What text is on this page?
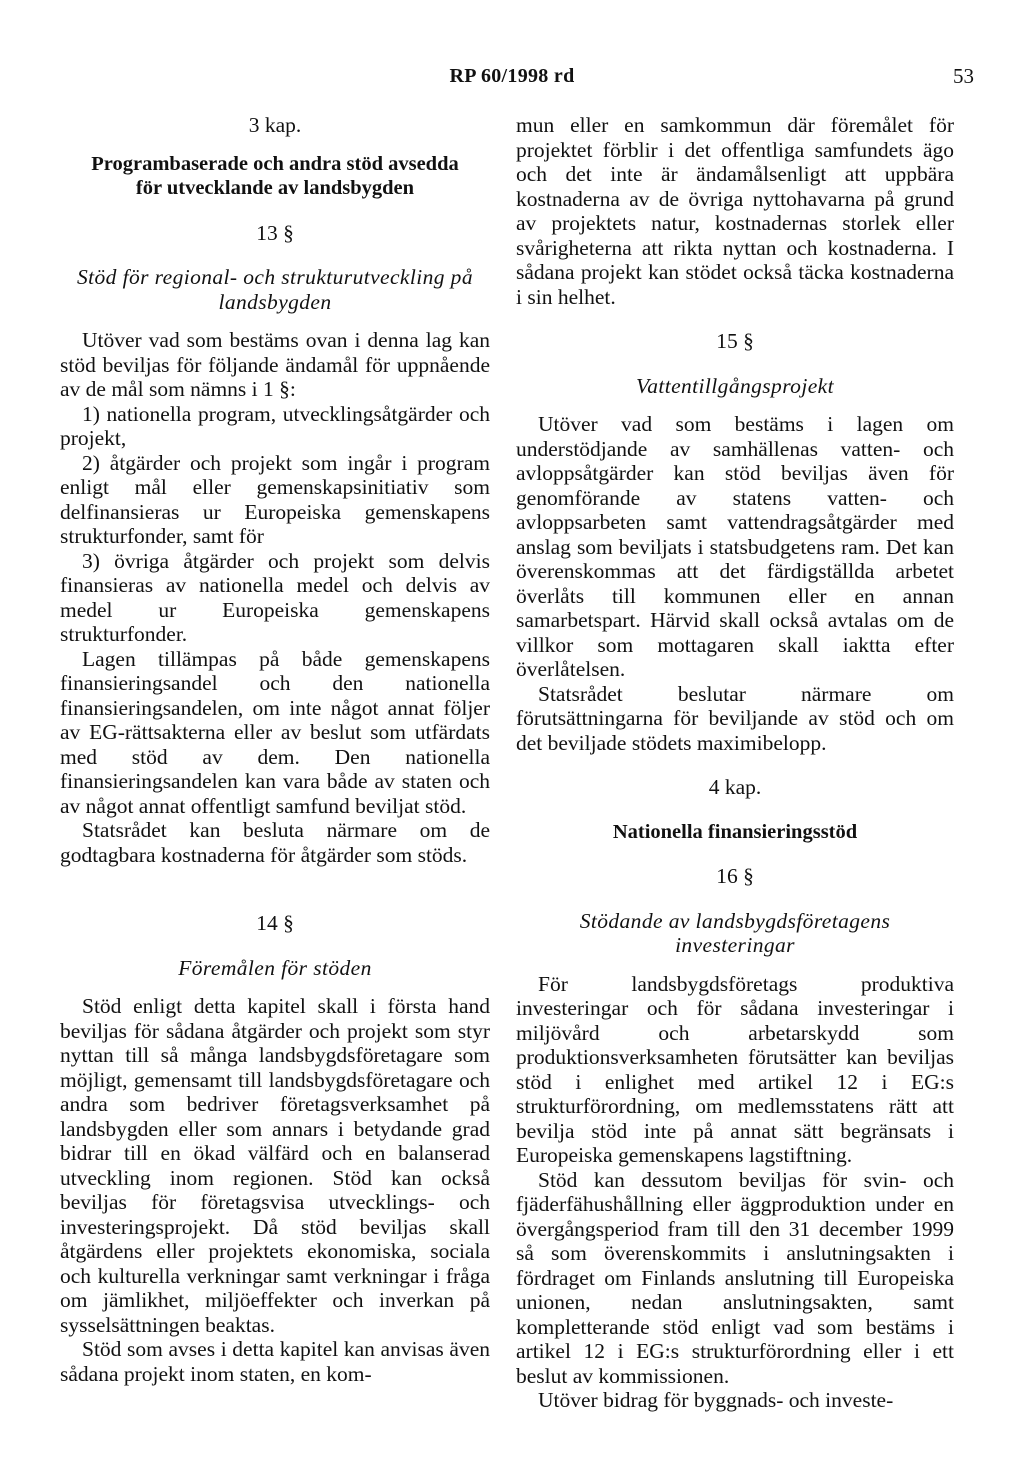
RP 60/1998 rd	53

3 kap.

Programbaserade och andra stöd avsedda

för utvecklande av landsbygden

13 §

Stöd för regional- och strukturutveckling på

landsbygden

Utöver vad som bestäms ovan i denna lag kan stöd beviljas för följande ändamål för uppnående av de mål som nämns i 1 §:

1) nationella program, utvecklingsåtgärder och projekt,

2) åtgärder och projekt som ingår i program enligt mål eller gemenskapsinitiativ som delfinansieras ur Europeiska gemenskapens strukturfonder, samt för

3) övriga åtgärder och projekt som delvis finansieras av nationella medel och delvis av medel ur Europeiska gemenskapens strukturfonder.

Lagen tillämpas på både gemenskapens finansieringsandel och den nationella finansieringsandelen, om inte något annat följer av EG-rättsakterna eller av beslut som utfärdats med stöd av dem. Den nationella finansieringsandelen kan vara både av staten och av något annat offentligt samfund beviljat stöd.

Statsrådet kan besluta närmare om de godtagbara kostnaderna för åtgärder som stöds.

14 §

Föremålen för stöden

Stöd enligt detta kapitel skall i första hand beviljas för sådana åtgärder och projekt som styr nyttan till så många landsbygdsföretagare som möjligt, gemensamt till landsbygdsföretagare och andra som bedriver företagsverksamhet på landsbygden eller som annars i betydande grad bidrar till en ökad välfärd och en balanserad utveckling inom regionen. Stöd kan också beviljas för företagsvisa utvecklings- och investeringsprojekt. Då stöd beviljas skall åtgärdens eller projektets ekonomiska, sociala och kulturella verkningar samt verkningar i fråga om jämlikhet, miljöeffekter och inverkan på sysselsättningen beaktas.

Stöd som avses i detta kapitel kan anvisas även sådana projekt inom staten, en kom-

mun eller en samkommun där föremålet för projektet förblir i det offentliga samfundets ägo och det inte är ändamålsenligt att uppbära kostnaderna av de övriga nyttohavarna på grund av projektets natur, kostnadernas storlek eller svårigheterna att rikta nyttan och kostnaderna. I sådana projekt kan stödet också täcka kostnaderna i sin helhet.

15 §

Vattentillgångsprojekt

Utöver vad som bestäms i lagen om understödjande av samhällenas vatten- och avloppsåtgärder kan stöd beviljas även för genomförande av statens vatten- och avloppsarbeten samt vattendragsåtgärder med anslag som beviljats i statsbudgetens ram. Det kan överenskommas att det färdigställda arbetet överlåts till kommunen eller en annan samarbetspart. Härvid skall också avtalas om de villkor som mottagaren skall iakttа efter överlåtelsen.

Statsrådet beslutar närmare om förutsättningarna för beviljande av stöd och om det beviljade stödets maximibelopp.

4 kap.

Nationella finansieringsstöd

16 §

Stödande av landsbygdsföretagens

investeringar

För landsbygdsföretags produktiva investeringar och för sådana investeringar i miljövård och arbetarskydd som produktionsverksamheten förutsätter kan beviljas stöd i enlighet med artikel 12 i EG:s strukturförordning, om medlemsstatens rätt att bevilja stöd inte på annat sätt begränsats i Europeiska gemenskapens lagstiftning.

Stöd kan dessutom beviljas för svin- och fjäderfähushållning eller äggproduktion under en övergångsperiod fram till den 31 december 1999 så som överenskommits i anslutningsakten i fördraget om Finlands anslutning till Europeiska unionen, nedan anslutningsakten, samt kompletterande stöd enligt vad som bestäms i artikel 12 i EG:s strukturförordning eller i ett beslut av kommissionen.

Utöver bidrag för byggnads- och investe-
